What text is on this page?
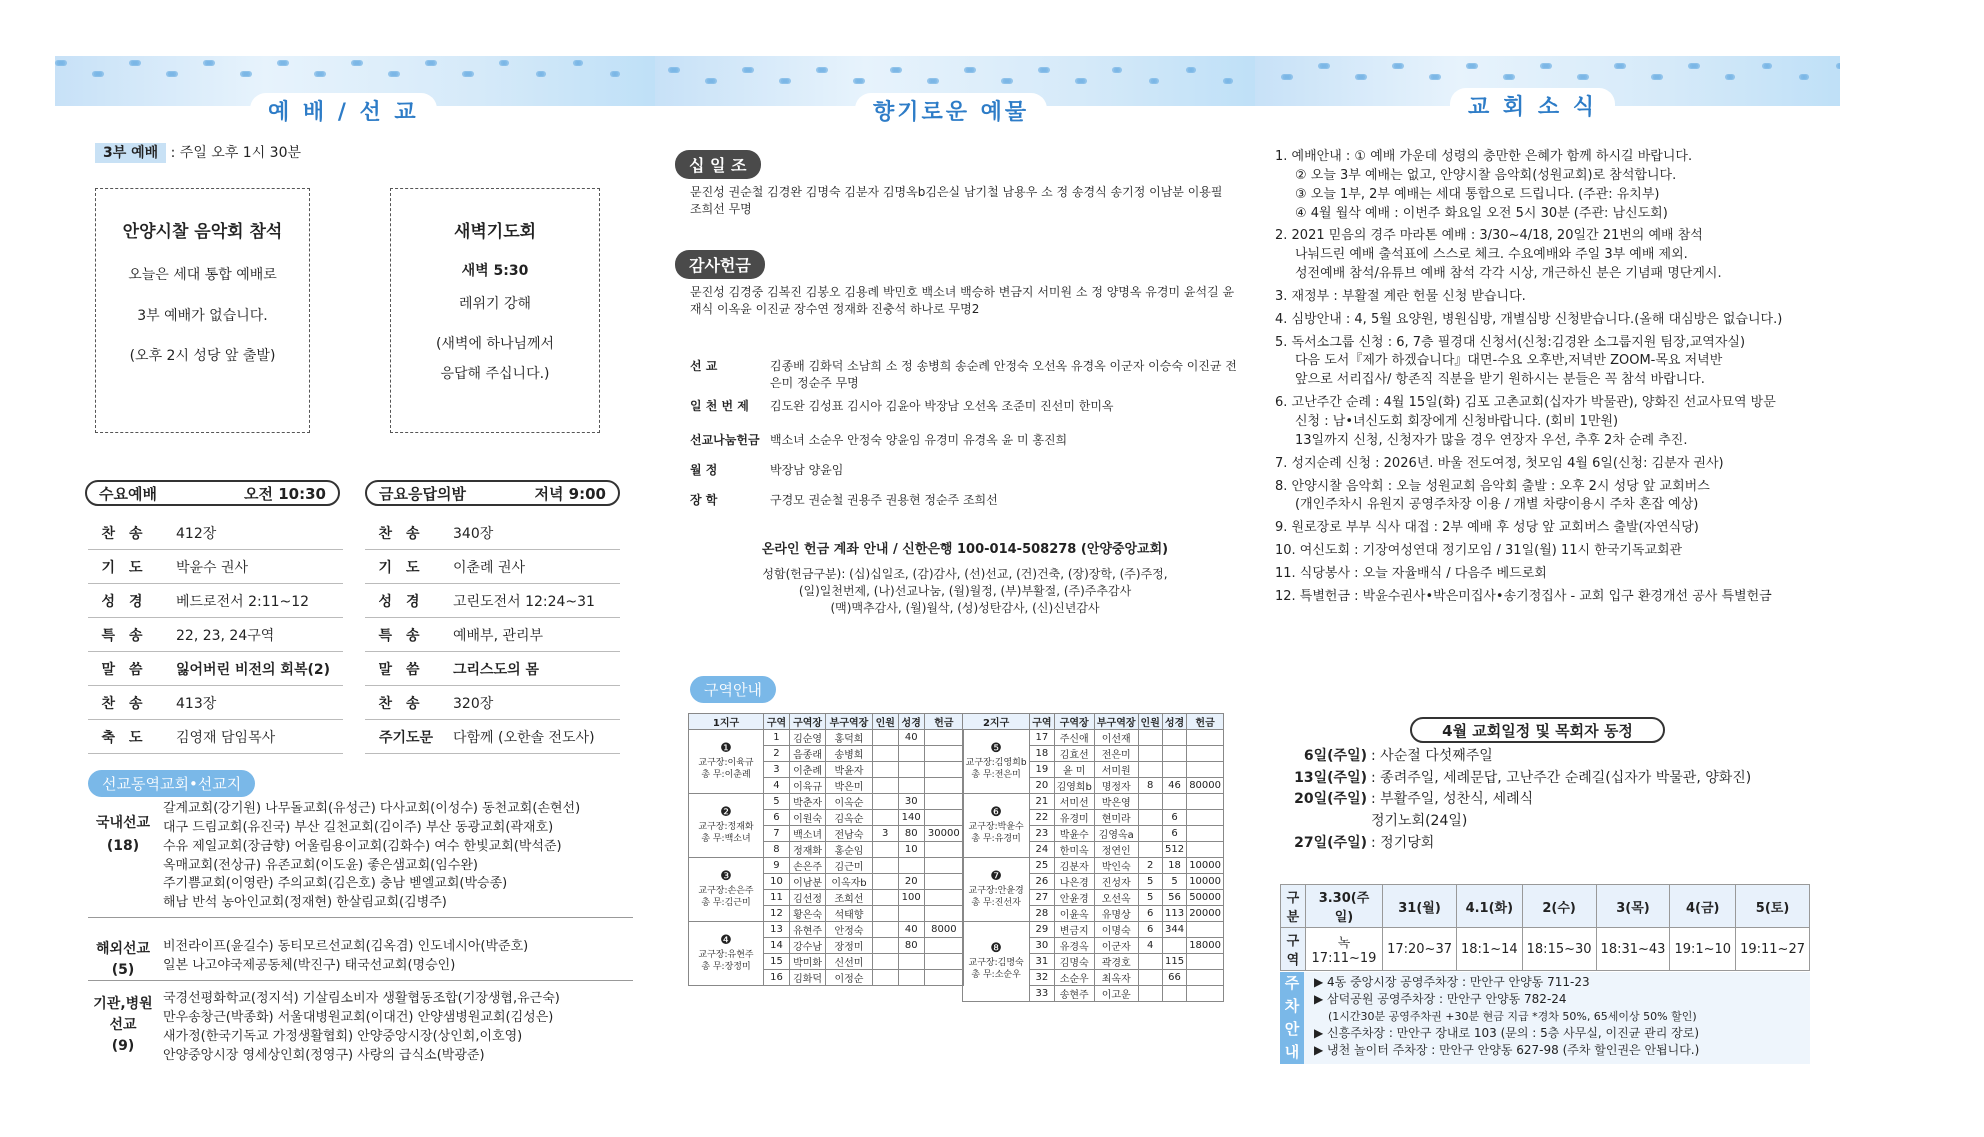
예 배 / 선 교	향기로운 예물	교 회 소 식
3부 예배 : 주일 오후 1시 30분
안양시찰 음악회 참석
오늘은 세대 통합 예배로
3부 예배가 없습니다.
(오후 2시 성당 앞 출발)
새벽기도회
새벽 5:30
레위기 강해
(새벽에 하나님께서
응답해 주십니다.)
수요예배	오전 10:30
찬송	412장
기도	박윤수 권사
성경	베드로전서 2:11~12
특송	22, 23, 24구역
말씀	잃어버린 비전의 회복(2)
찬송	413장
축도	김영재 담임목사
금요응답의밤	저녁 9:00
찬송	340장
기도	이춘례 권사
성경	고린도전서 12:24~31
특송	예배부, 관리부
말씀	그리스도의 몸
찬송	320장
주기도문	다함께 (오한솔 전도사)
선교동역교회•선교지
국내선교
(18)
갈계교회(강기원) 나무돌교회(유성근) 다사교회(이성수) 동천교회(손현선)
대구 드림교회(유진국) 부산 길천교회(김이주) 부산 동광교회(곽재호)
수유 제일교회(장금향) 어울림용이교회(김화수) 여수 한빛교회(박석준)
옥매교회(전상규) 유존교회(이도윤) 좋은샘교회(임수완)
주기쁨교회(이영란) 주의교회(김은호) 충남 벧엘교회(박승종)
해남 반석 농아인교회(정재현) 한살림교회(김병주)
해외선교
(5)
비전라이프(윤길수) 동티모르선교회(김옥겸) 인도네시아(박준호)
일본 나고야국제공동체(박진구) 태국선교회(명승인)
기관,병원 선교
(9)
국경선평화학교(정지석) 기살림소비자 생활협동조합(기장생협,유근숙)
만우송창근(박종화) 서울대병원교회(이대건) 안양샘병원교회(김성은)
새가정(한국기독교 가정생활협회) 안양중앙시장(상인회,이호영)
안양중앙시장 영세상인회(정영구) 사랑의 급식소(박광준)
십 일 조
문진성 권순철 김경완 김명숙 김분자 김명옥b김은실 남기철 남용우 소 정 송경식 송기정 이남분 이용필 조희선 무명
감사헌금
문진성 김경중 김복진 김봉오 김용례 박민호 백소녀 백승하 변금지 서미원 소 정 양명옥 유경미 윤석길 윤재식 이옥윤 이진균 장수연 정재화 진충석 하나로 무명2
선 교	김종배 김화덕 소남희 소 정 송병희 송순례 안정숙 오선옥 유경옥 이군자 이승숙 이진균 전은미 정순주 무명
일 천 번 제	김도완 김성표 김시아 김윤아 박장남 오선옥 조준미 진선미 한미옥
선교나눔헌금 백소녀 소순우 안정숙 양윤임 유경미 유경옥 윤 미 홍진희
월 정	박장남 양윤임
장 학	구경모 권순철 권용주 권용현 정순주 조희선
온라인 헌금 계좌 안내 / 신한은행 100-014-508278 (안양중앙교회)
성함(헌금구분): (십)십일조, (감)감사, (선)선교, (건)건축, (장)장학, (주)주정,
(일)일천번제, (나)선교나눔, (월)월정, (부)부활절, (주)주추감사
(맥)맥추감사, (월)월삭, (성)성탄감사, (신)신년감사
구역안내
1지구	구역	구역장	부구역장	인원	성경	헌금

❶
교구장:이육규
총 무:이춘례	1	김순영	홍덕희		40	
	2	음종래	송병희			
	3	이춘례	박윤자			
	4	이육규	박은미			

❷
교구장:정재화
총 무:백소녀	5	박춘자	이옥순		30	
	6	이원숙	김옥순		140	
	7	백소녀	전남숙	3	80	30000
	8	정재화	홍순임		10	

❸
교구장:손은주
총 무:김근미	9	손은주	김근미			
	10	이남분	이옥자b		20	
	11	김선정	조희선		100	
	12	황은숙	석태향			

❹
교구장:유현주
총 무:장정미	13	유현주	안정숙		40	8000
	14	강수남	장정미		80	
	15	박미화	신선미			
	16	김화덕	이정순			
2지구	구역	구역장	부구역장	인원	성경	헌금

❺
교구장:김영희b
총 무:전은미	17	주신애	이선재			
	18	김효선	전은미			
	19	윤 미	서미원			
	20	김영희b	명정자	8	46	80000

❻
교구장:박윤수
총 무:유경미	21	서미선	박은영			
	22	유경미	현미라		6	
	23	박윤수	김영옥a		6	
	24	한미옥	정연인		512	

❼
교구장:안윤경
총 무:진선자	25	김분자	박인숙	2	18	10000
	26	나은경	진성자	5	5	10000
	27	안윤경	오선옥	5	56	50000
	28	이윤옥	유명상	6	113	20000

❽
교구장:김명숙
총 무:소순우	29	변금지	이명숙	6	344	
	30	유경옥	이군자	4		18000
	31	김명숙	곽경호		115	
	32	소순우	최옥자		66	
	33	송현주	이고운			

1. 예배안내 : ① 예배 가운데 성령의 충만한 은혜가 함께 하시길 바랍니다.
② 오늘 3부 예배는 없고, 안양시찰 음악회(성원교회)로 참석합니다.
③ 오늘 1부, 2부 예배는 세대 통합으로 드립니다. (주관: 유치부)
④ 4월 월삭 예배 : 이번주 화요일 오전 5시 30분 (주관: 남신도회)

2. 2021 믿음의 경주 마라톤 예배 : 3/30~4/18, 20일간 21번의 예배 참석
나눠드린 예배 출석표에 스스로 체크. 수요예배와 주일 3부 예배 제외.
성전예배 참석/유튜브 예배 참석 각각 시상, 개근하신 분은 기념패 명단게시.

3. 재정부 : 부활절 계란 헌물 신청 받습니다.

4. 심방안내 : 4, 5월 요양원, 병원심방, 개별심방 신청받습니다.(올해 대심방은 없습니다.)

5. 독서소그룹 신청 : 6, 7층 필경대 신청서(신청:김경완 소그룹지원 팀장,교역자실)
다음 도서『제가 하겠습니다』대면-수요 오후반,저녁반 ZOOM-목요 저녁반
앞으로 서리집사/ 항존직 직분을 받기 원하시는 분들은 꼭 참석 바랍니다.

6. 고난주간 순례 : 4월 15일(화) 김포 고촌교회(십자가 박물관), 양화진 선교사묘역 방문
신청 : 남•녀신도회 회장에게 신청바랍니다. (회비 1만원)
13일까지 신청, 신청자가 많을 경우 연장자 우선, 추후 2차 순례 추진.

7. 성지순례 신청 : 2026년. 바울 전도여정, 첫모임 4월 6일(신청: 김분자 권사)

8. 안양시찰 음악회 : 오늘 성원교회 음악회 출발 : 오후 2시 성당 앞 교회버스
(개인주차시 유원지 공영주차장 이용 / 개별 차량이용시 주차 혼잡 예상)

9. 원로장로 부부 식사 대접 : 2부 예배 후 성당 앞 교회버스 출발(자연식당)

10. 여신도회 : 기장여성연대 정기모임 / 31일(월) 11시 한국기독교회관

11. 식당봉사 : 오늘 자율배식 / 다음주 베드로회

12. 특별헌금 : 박윤수권사•박은미집사•송기정집사 - 교회 입구 환경개선 공사 특별헌금

4월 교회일정 및 목회자 동정
6일(주일) : 사순절 다섯째주일
13일(주일) : 종려주일, 세례문답, 고난주간 순례길(십자가 박물관, 양화진)
20일(주일) : 부활주일, 성찬식, 세례식
정기노회(24일)
27일(주일) : 정기당회
구분	3.30(주일)	31(월)	4.1(화)	2(수)	3(목)	4(금)	5(토)
구역	녹17:11~19	17:20~37	18:1~14	18:15~30	18:31~43	19:1~10	19:11~27
주
차
안
내
▶ 4동 중앙시장 공영주차장 : 만안구 안양동 711-23
▶ 삼덕공원 공영주차장 : 만안구 안양동 782-24
(1시간30분 공영주차권 +30분 현금 지급 *경차 50%, 65세이상 50% 할인)
▶ 신흥주차장 : 만안구 장내로 103 (문의 : 5층 사무실, 이진균 관리 장로)
▶ 냉천 놀이터 주차장 : 만안구 안양동 627-98 (주차 할인권은 안됩니다.)
